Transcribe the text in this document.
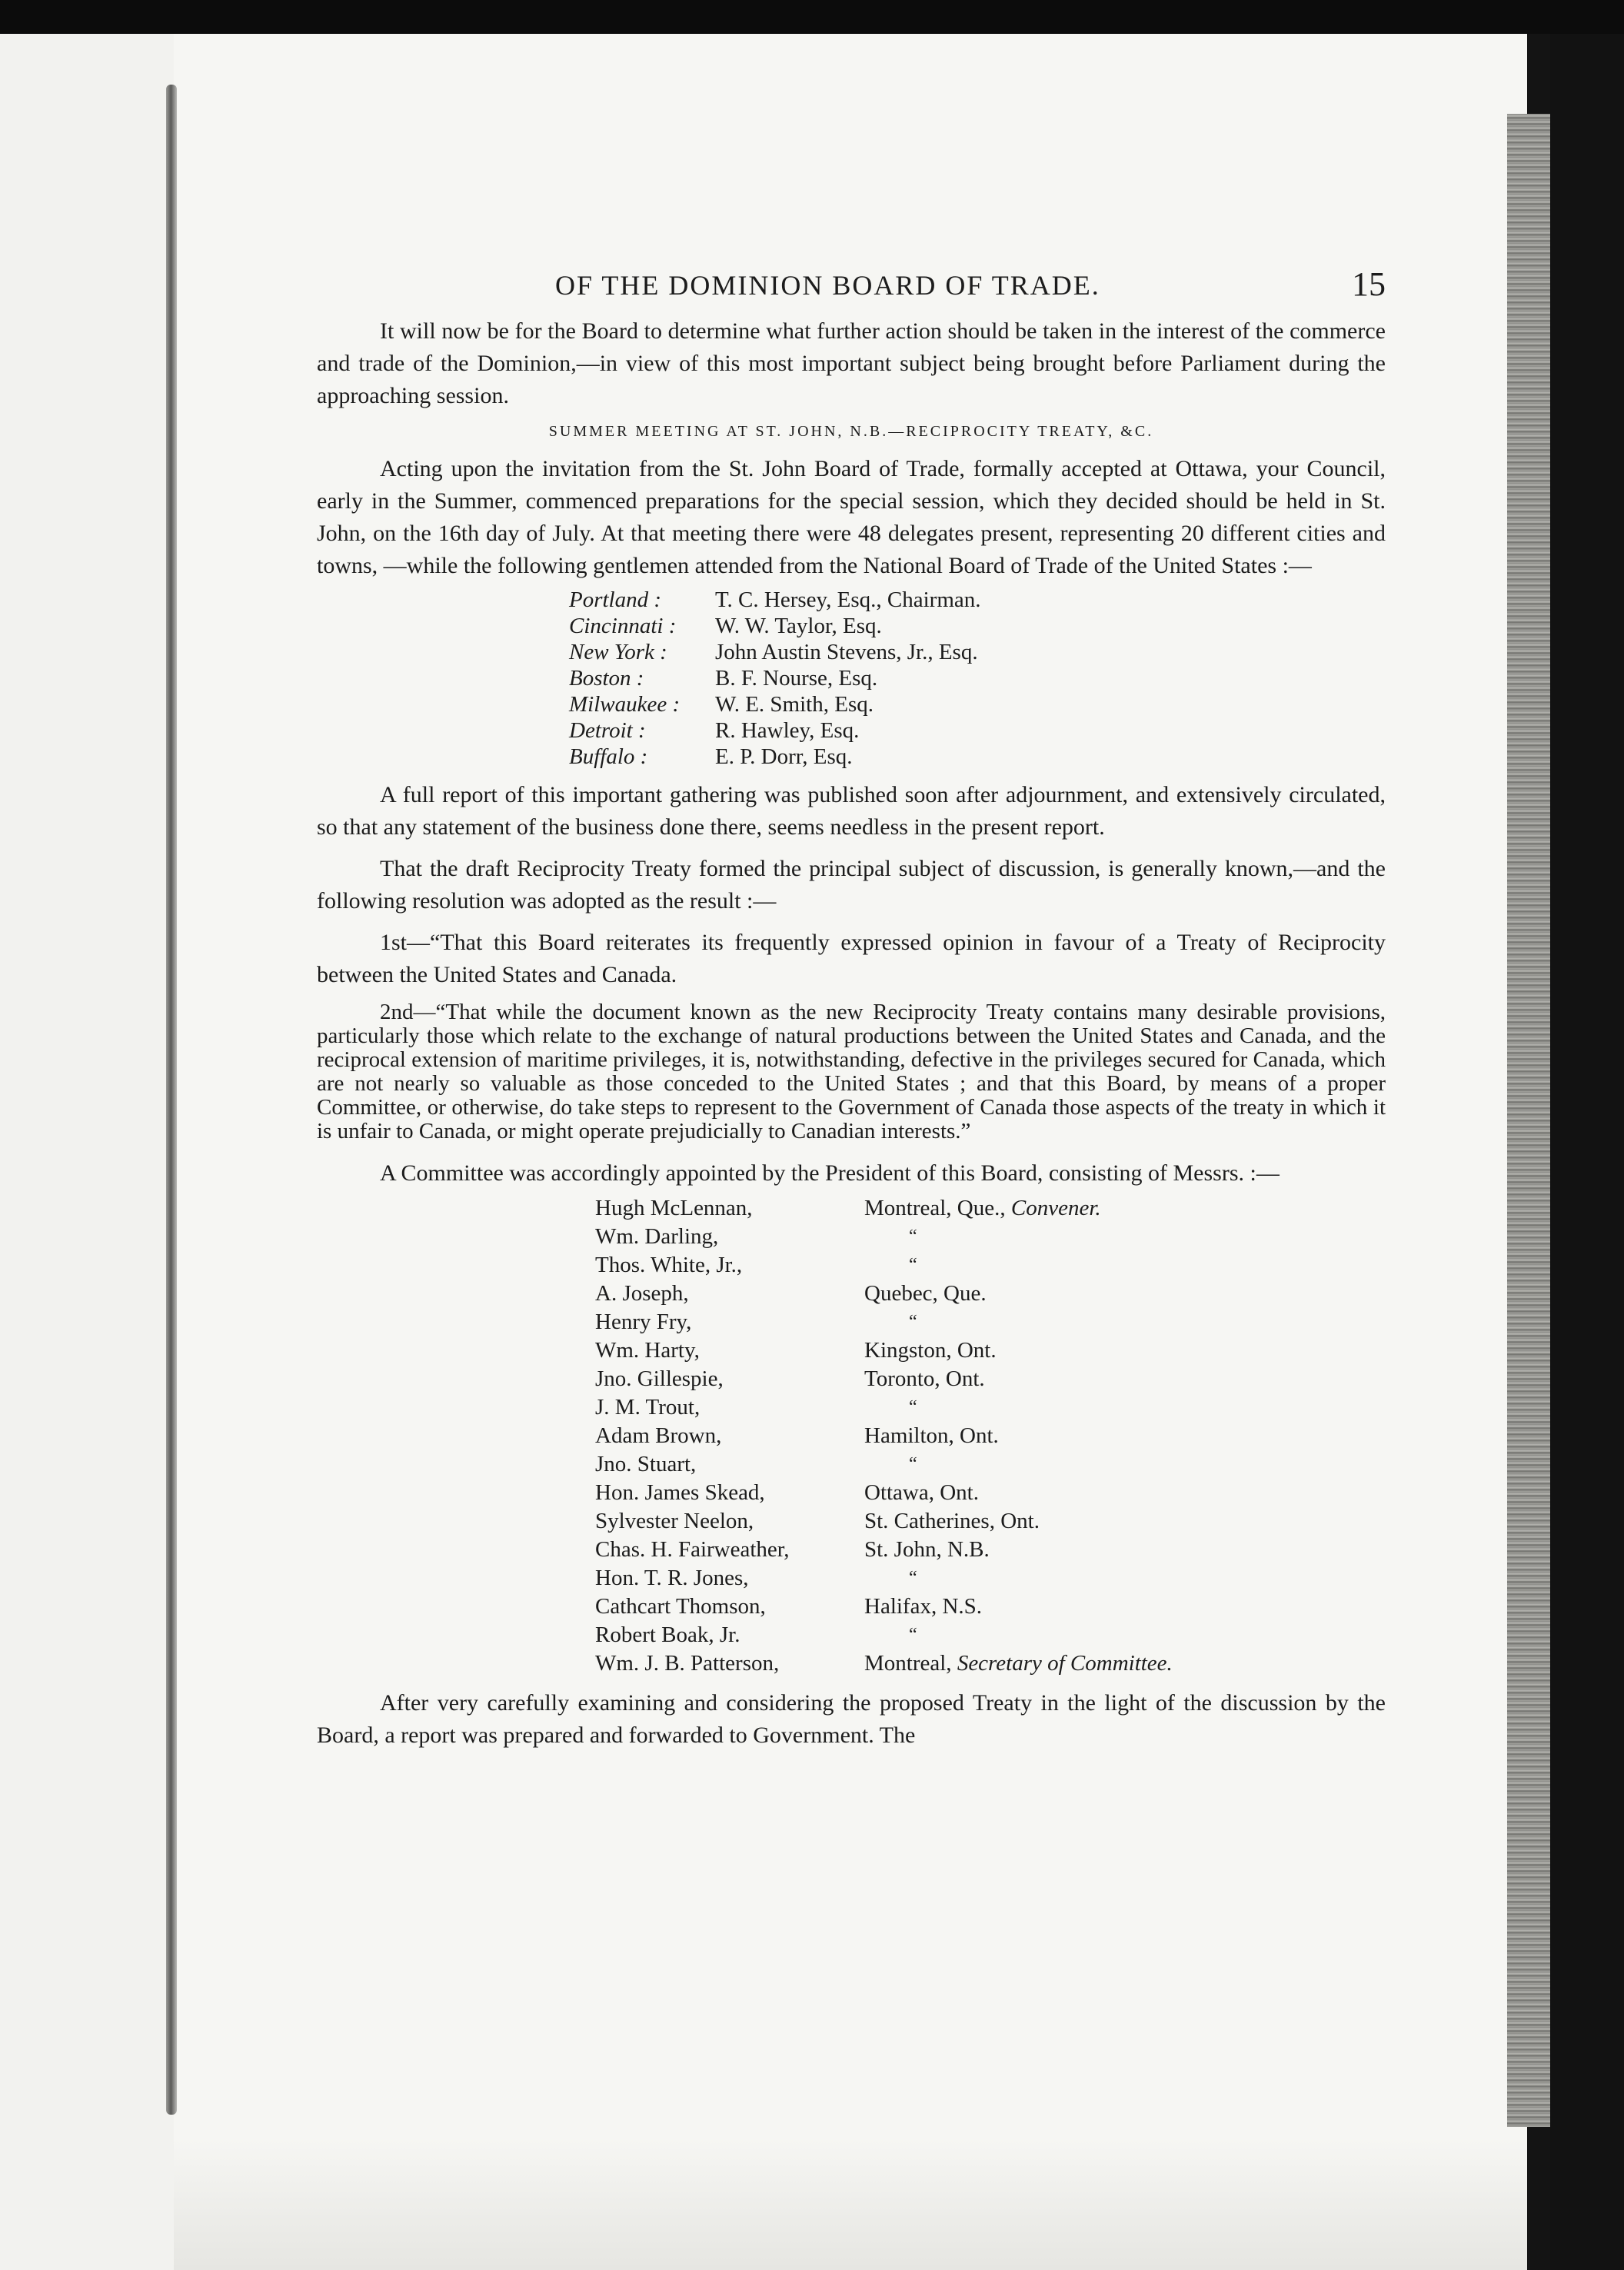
OF THE DOMINION BOARD OF TRADE.	15

It will now be for the Board to determine what further action should be taken in the interest of the commerce and trade of the Dominion,—in view of this most important subject being brought before Parliament during the approaching session.

SUMMER MEETING AT ST. JOHN, N.B.—RECIPROCITY TREATY, &C.

Acting upon the invitation from the St. John Board of Trade, formally accepted at Ottawa, your Council, early in the Summer, commenced preparations for the special session, which they decided should be held in St. John, on the 16th day of July. At that meeting there were 48 delegates present, representing 20 different cities and towns, —while the following gentlemen attended from the National Board of Trade of the United States :—

Portland :	T. C. Hersey, Esq., Chairman.
Cincinnati :	W. W. Taylor, Esq.
New York :	John Austin Stevens, Jr., Esq.
Boston :	B. F. Nourse, Esq.
Milwaukee :	W. E. Smith, Esq.
Detroit :	R. Hawley, Esq.
Buffalo :	E. P. Dorr, Esq.

A full report of this important gathering was published soon after adjournment, and extensively circulated, so that any statement of the business done there, seems needless in the present report.

That the draft Reciprocity Treaty formed the principal subject of discussion, is generally known,—and the following resolution was adopted as the result :—

1st—“That this Board reiterates its frequently expressed opinion in favour of a Treaty of Reciprocity between the United States and Canada.

2nd—“That while the document known as the new Reciprocity Treaty contains many desirable provisions, particularly those which relate to the exchange of natural productions between the United States and Canada, and the reciprocal extension of maritime privileges, it is, notwithstanding, defective in the privileges secured for Canada, which are not nearly so valuable as those conceded to the United States ; and that this Board, by means of a proper Committee, or otherwise, do take steps to represent to the Government of Canada those aspects of the treaty in which it is unfair to Canada, or might operate prejudicially to Canadian interests.”

A Committee was accordingly appointed by the President of this Board, consisting of Messrs. :—

Hugh McLennan,	Montreal, Que., Convener.
Wm. Darling,	“
Thos. White, Jr.,	“
A. Joseph,	Quebec, Que.
Henry Fry,	“
Wm. Harty,	Kingston, Ont.
Jno. Gillespie,	Toronto, Ont.
J. M. Trout,	“
Adam Brown,	Hamilton, Ont.
Jno. Stuart,	“
Hon. James Skead,	Ottawa, Ont.
Sylvester Neelon,	St. Catherines, Ont.
Chas. H. Fairweather,	St. John, N.B.
Hon. T. R. Jones,	“
Cathcart Thomson,	Halifax, N.S.
Robert Boak, Jr.	“
Wm. J. B. Patterson,	Montreal, Secretary of Committee.

After very carefully examining and considering the proposed Treaty in the light of the discussion by the Board, a report was prepared and forwarded to Government. The
